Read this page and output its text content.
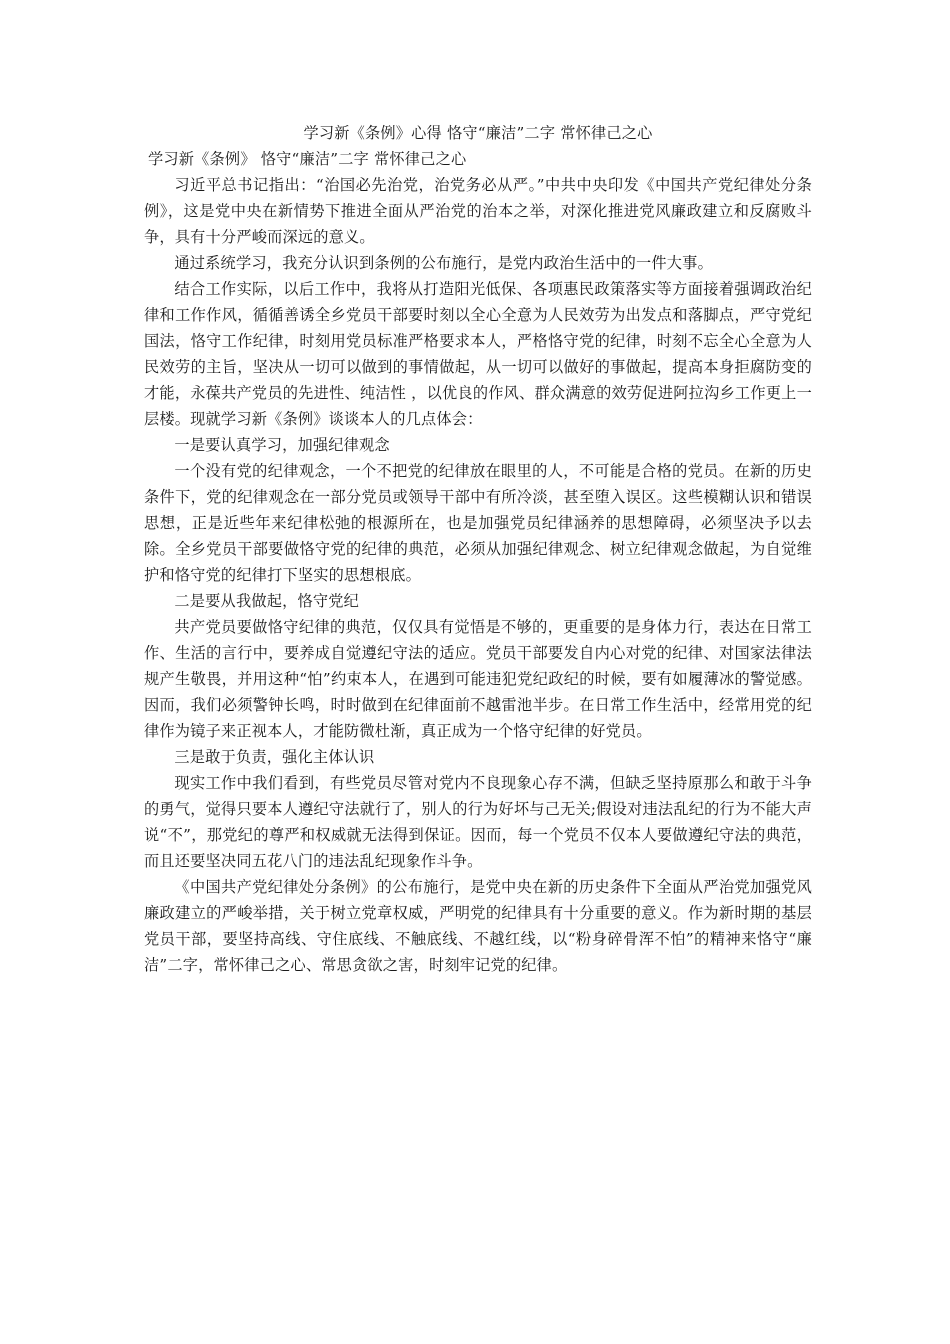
学习新《条例》心得 恪守“廉洁”二字 常怀律己之心
学习新《条例》 恪守“廉洁”二字 常怀律己之心

习近平总书记指出：“治国必先治党，治党务必从严。”中共中央印发《中国共产党纪律处分条例》，这是党中央在新情势下推进全面从严治党的治本之举，对深化推进党风廉政建立和反腐败斗争，具有十分严峻而深远的意义。

通过系统学习，我充分认识到条例的公布施行，是党内政治生活中的一件大事。

结合工作实际，以后工作中，我将从打造阳光低保、各项惠民政策落实等方面接着强调政治纪律和工作作风，循循善诱全乡党员干部要时刻以全心全意为人民效劳为出发点和落脚点，严守党纪国法，恪守工作纪律，时刻用党员标准严格要求本人，严格恪守党的纪律，时刻不忘全心全意为人民效劳的主旨，坚决从一切可以做到的事情做起，从一切可以做好的事做起，提高本身拒腐防变的才能，永葆共产党员的先进性、纯洁性 ，以优良的作风、群众满意的效劳促进阿拉沟乡工作更上一层楼。现就学习新《条例》谈谈本人的几点体会：

一是要认真学习，加强纪律观念

一个没有党的纪律观念，一个不把党的纪律放在眼里的人，不可能是合格的党员。在新的历史条件下，党的纪律观念在一部分党员或领导干部中有所冷淡，甚至堕入误区。这些模糊认识和错误思想，正是近些年来纪律松弛的根源所在，也是加强党员纪律涵养的思想障碍，必须坚决予以去除。全乡党员干部要做恪守党的纪律的典范，必须从加强纪律观念、树立纪律观念做起，为自觉维护和恪守党的纪律打下坚实的思想根底。

二是要从我做起，恪守党纪

共产党员要做恪守纪律的典范，仅仅具有觉悟是不够的，更重要的是身体力行，表达在日常工作、生活的言行中，要养成自觉遵纪守法的适应。党员干部要发自内心对党的纪律、对国家法律法规产生敬畏，并用这种“怕”约束本人，在遇到可能违犯党纪政纪的时候，要有如履薄冰的警觉感。因而，我们必须警钟长鸣，时时做到在纪律面前不越雷池半步。在日常工作生活中，经常用党的纪律作为镜子来正视本人，才能防微杜渐，真正成为一个恪守纪律的好党员。

三是敢于负责，强化主体认识

现实工作中我们看到，有些党员尽管对党内不良现象心存不满，但缺乏坚持原那么和敢于斗争的勇气，觉得只要本人遵纪守法就行了，别人的行为好坏与己无关;假设对违法乱纪的行为不能大声说“不”，那党纪的尊严和权威就无法得到保证。因而，每一个党员不仅本人要做遵纪守法的典范，而且还要坚决同五花八门的违法乱纪现象作斗争。

《中国共产党纪律处分条例》的公布施行，是党中央在新的历史条件下全面从严治党加强党风廉政建立的严峻举措，关于树立党章权威，严明党的纪律具有十分重要的意义。作为新时期的基层党员干部，要坚持高线、守住底线、不触底线、不越红线，以“粉身碎骨浑不怕”的精神来恪守“廉洁”二字，常怀律己之心、常思贪欲之害，时刻牢记党的纪律。
